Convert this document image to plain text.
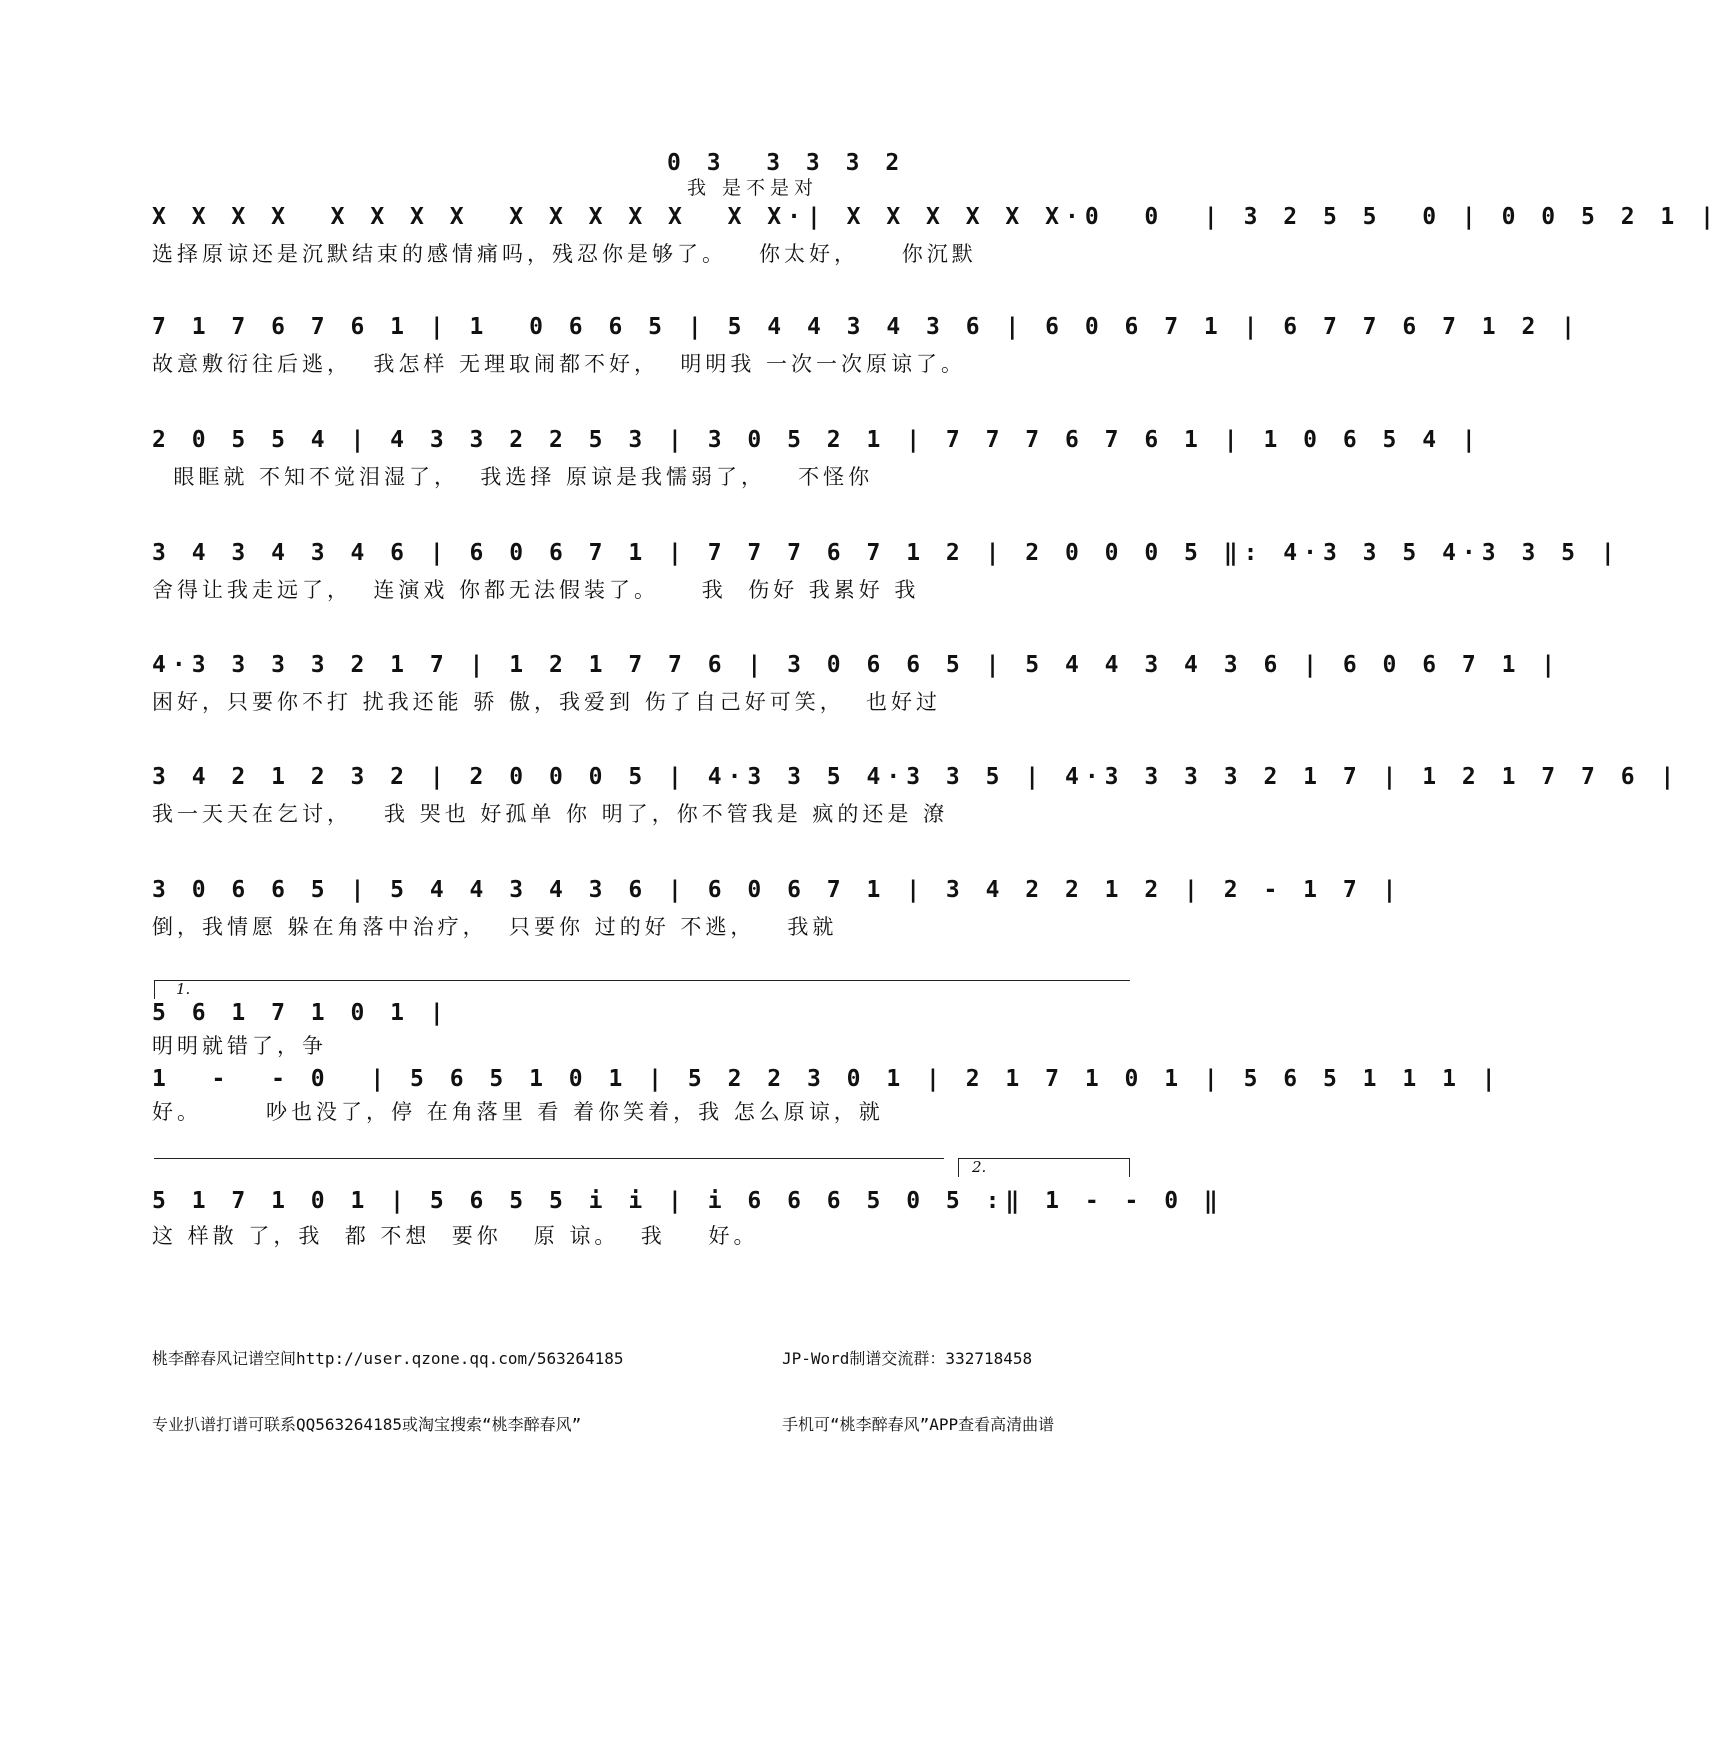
0 3  3 3 3 2
我 是不是对
X X X X  X X X X  X X X X X  X X·| X X X X X X·0  0  | 3 2 5 5  0 | 0 0 5 2 1 |
选择原谅还是沉默结束的感情痛吗，残忍你是够了。   你太好，    你沉默
7 1 7 6 7 6 1 | 1  0 6 6 5 | 5 4 4 3 4 3 6 | 6 0 6 7 1 | 6 7 7 6 7 1 2 |
故意敷衍往后逃，  我怎样 无理取闹都不好，  明明我 一次一次原谅了。
2 0 5 5 4 | 4 3 3 2 2 5 3 | 3 0 5 2 1 | 7 7 7 6 7 6 1 | 1 0 6 5 4 |
眼眶就 不知不觉泪湿了，  我选择 原谅是我懦弱了，   不怪你
3 4 3 4 3 4 6 | 6 0 6 7 1 | 7 7 7 6 7 1 2 | 2 0 0 0 5 ‖: 4·3 3 5 4·3 3 5 |
舍得让我走远了，  连演戏 你都无法假装了。    我  伤好 我累好 我
4·3 3 3 3 2 1 7 | 1 2 1 7 7 6 | 3 0 6 6 5 | 5 4 4 3 4 3 6 | 6 0 6 7 1 |
困好，只要你不打 扰我还能 骄 傲，我爱到 伤了自己好可笑，  也好过
3 4 2 1 2 3 2 | 2 0 0 0 5 | 4·3 3 5 4·3 3 5 | 4·3 3 3 3 2 1 7 | 1 2 1 7 7 6 |
我一天天在乞讨，   我 哭也 好孤单 你 明了，你不管我是 疯的还是 潦
3 0 6 6 5 | 5 4 4 3 4 3 6 | 6 0 6 7 1 | 3 4 2 2 1 2 | 2 - 1 7 |
倒，我情愿 躲在角落中治疗，  只要你 过的好 不逃，   我就
1.
5 6 1 7 1 0 1 |
明明就错了，争
1  -  - 0  | 5 6 5 1 0 1 | 5 2 2 3 0 1 | 2 1 7 1 0 1 | 5 6 5 1 1 1 |
好。      吵也没了，停 在角落里 看 着你笑着，我 怎么原谅，就
2.
5 1 7 1 0 1 | 5 6 5 5 i i | i 6 6 6 5 0 5 :‖ 1 - - 0 ‖
这 样散 了，我  都 不想  要你   原 谅。  我    好。

桃李醉春风记谱空间http://user.qzone.qq.com/563264185

专业扒谱打谱可联系QQ563264185或淘宝搜索“桃李醉春风”

JP-Word制谱交流群：332718458

手机可“桃李醉春风”APP查看高清曲谱
